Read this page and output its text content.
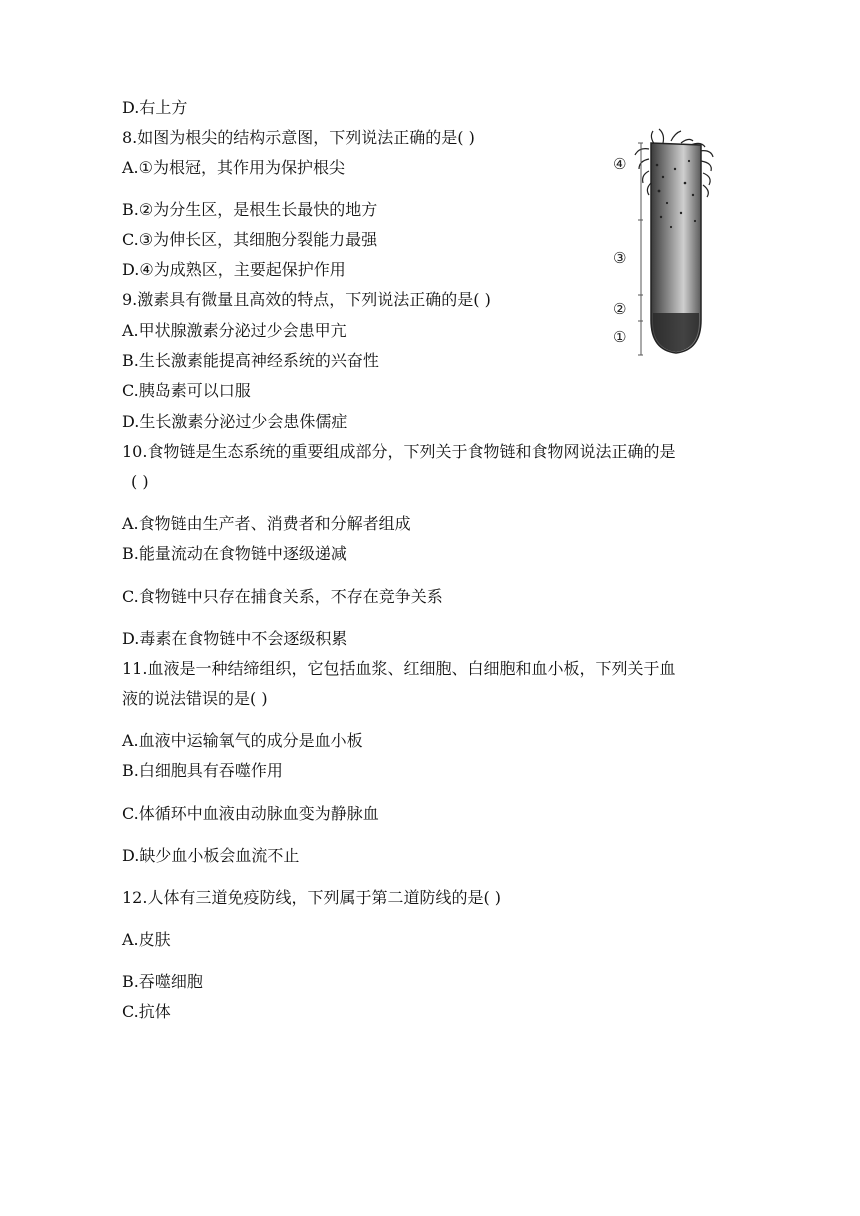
D.右上方
8.如图为根尖的结构示意图，下列说法正确的是( )
A.①为根冠，其作用为保护根尖
B.②为分生区，是根生长最快的地方
C.③为伸长区，其细胞分裂能力最强
D.④为成熟区，主要起保护作用
9.激素具有微量且高效的特点，下列说法正确的是( )
A.甲状腺激素分泌过少会患甲亢
B.生长激素能提高神经系统的兴奋性
C.胰岛素可以口服
D.生长激素分泌过少会患侏儒症
10.食物链是生态系统的重要组成部分，下列关于食物链和食物网说法正确的是
( )
A.食物链由生产者、消费者和分解者组成
B.能量流动在食物链中逐级递减
C.食物链中只存在捕食关系，不存在竞争关系
D.毒素在食物链中不会逐级积累
11.血液是一种结缔组织，它包括血浆、红细胞、白细胞和血小板，下列关于血
液的说法错误的是( )
A.血液中运输氧气的成分是血小板
B.白细胞具有吞噬作用
C.体循环中血液由动脉血变为静脉血
D.缺少血小板会血流不止
12.人体有三道免疫防线，下列属于第二道防线的是( )
A.皮肤
B.吞噬细胞
C.抗体
④
③
②
①
